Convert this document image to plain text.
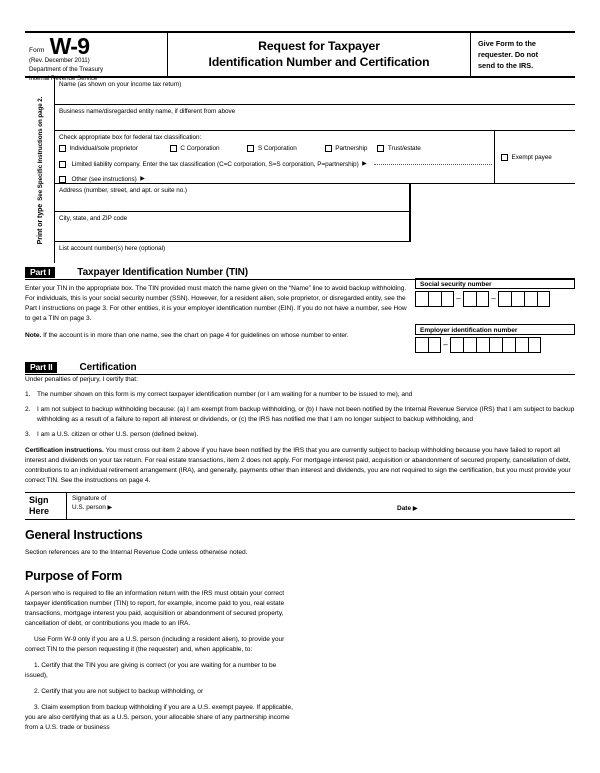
Form W-9
(Rev. December 2011)
Department of the Treasury
Internal Revenue Service
Request for Taxpayer
Identification Number and Certification
Give Form to the
requester. Do not
send to the IRS.
Print or type
See Specific Instructions on page 2.
Name (as shown on your income tax return)
Business name/disregarded entity name, if different from above
Check appropriate box for federal tax classification:
Individual/sole proprietor	C Corporation	S Corporation	Partnership	Trust/estate
Limited liability company. Enter the tax classification (C=C corporation, S=S corporation, P=partnership) ▶
Other (see instructions) ▶
Exempt payee
Address (number, street, and apt. or suite no.)
City, state, and ZIP code
List account number(s) here (optional)
Part I	Taxpayer Identification Number (TIN)

Enter your TIN in the appropriate box. The TIN provided must match the name given on the “Name” line to avoid backup withholding. For individuals, this is your social security number (SSN). However, for a resident alien, sole proprietor, or disregarded entity, see the Part I instructions on page 3. For other entities, it is your employer identification number (EIN). If you do not have a number, see How to get a TIN on page 3.

Note. If the account is in more than one name, see the chart on page 4 for guidelines on whose number to enter.

Social security number
–	–
Employer identification number
–
Part II	Certification

Under penalties of perjury, I certify that:

1. The number shown on this form is my correct taxpayer identification number (or I am waiting for a number to be issued to me), and
2. I am not subject to backup withholding because: (a) I am exempt from backup withholding, or (b) I have not been notified by the Internal Revenue Service (IRS) that I am subject to backup withholding as a result of a failure to report all interest or dividends, or (c) the IRS has notified me that I am no longer subject to backup withholding, and
3. I am a U.S. citizen or other U.S. person (defined below).

Certification instructions. You must cross out item 2 above if you have been notified by the IRS that you are currently subject to backup withholding because you have failed to report all interest and dividends on your tax return. For real estate transactions, item 2 does not apply. For mortgage interest paid, acquisition or abandonment of secured property, cancellation of debt, contributions to an individual retirement arrangement (IRA), and generally, payments other than interest and dividends, you are not required to sign the certification, but you must provide your correct TIN. See the instructions on page 4.

Sign
Here
Signature of
U.S. person ▶	Date ▶
General Instructions

Section references are to the Internal Revenue Code unless otherwise noted.

Purpose of Form

A person who is required to file an information return with the IRS must obtain your correct taxpayer identification number (TIN) to report, for example, income paid to you, real estate transactions, mortgage interest you paid, acquisition or abandonment of secured property, cancellation of debt, or contributions you made to an IRA.

Use Form W-9 only if you are a U.S. person (including a resident alien), to provide your correct TIN to the person requesting it (the requester) and, when applicable, to:

1. Certify that the TIN you are giving is correct (or you are waiting for a number to be issued),

2. Certify that you are not subject to backup withholding, or

3. Claim exemption from backup withholding if you are a U.S. exempt payee. If applicable, you are also certifying that as a U.S. person, your allocable share of any partnership income from a U.S. trade or business
